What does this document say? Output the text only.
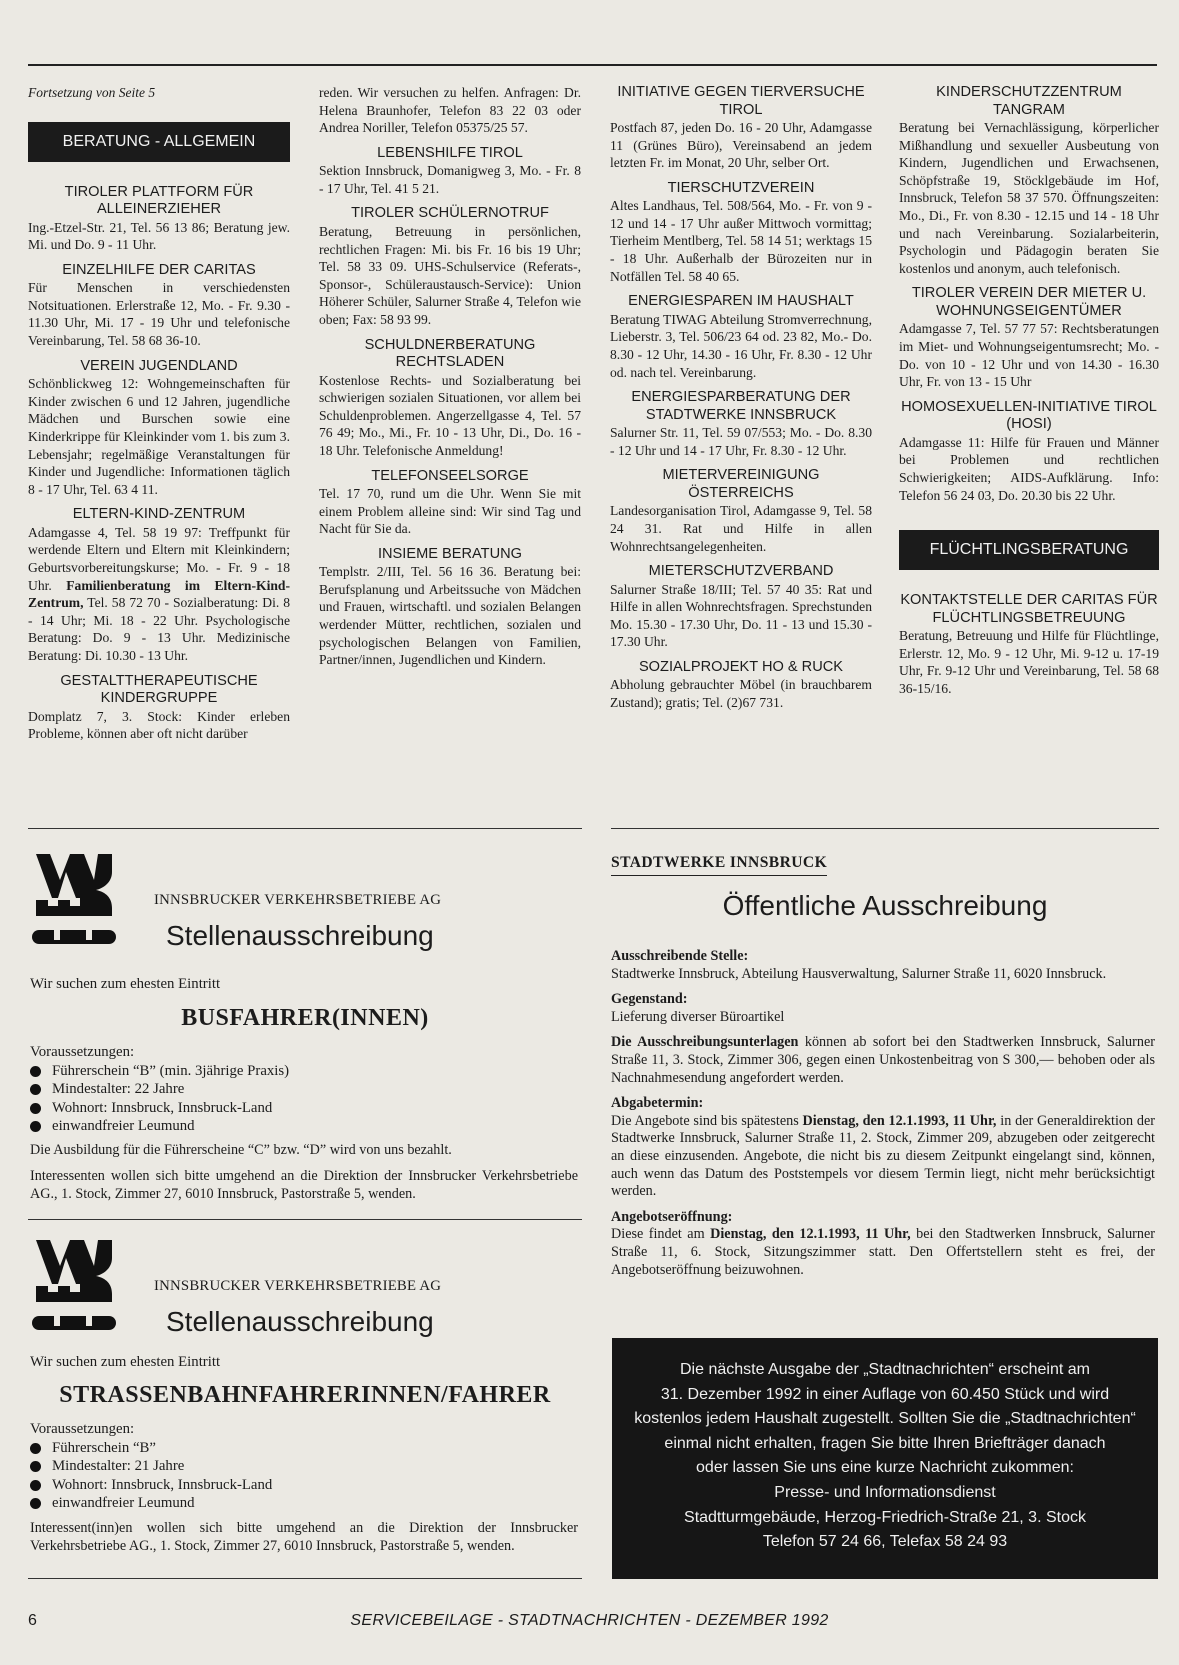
Fortsetzung von Seite 5
BERATUNG - ALLGEMEIN
TIROLER PLATTFORM FÜR ALLEINERZIEHER
Ing.-Etzel-Str. 21, Tel. 56 13 86; Beratung jew. Mi. und Do. 9 - 11 Uhr.
EINZELHILFE DER CARITAS
Für Menschen in verschiedensten Notsituationen. Erlerstraße 12, Mo. - Fr. 9.30 - 11.30 Uhr, Mi. 17 - 19 Uhr und telefonische Vereinbarung, Tel. 58 68 36-10.
VEREIN JUGENDLAND
Schönblickweg 12: Wohngemeinschaften für Kinder zwischen 6 und 12 Jahren, jugendliche Mädchen und Burschen sowie eine Kinderkrippe für Kleinkinder vom 1. bis zum 3. Lebensjahr; regelmäßige Veranstaltungen für Kinder und Jugendliche: Informationen täglich 8 - 17 Uhr, Tel. 63 4 11.
ELTERN-KIND-ZENTRUM
Adamgasse 4, Tel. 58 19 97: Treffpunkt für werdende Eltern und Eltern mit Kleinkindern; Geburtsvorbereitungskurse; Mo. - Fr. 9 - 18 Uhr. Familienberatung im Eltern-Kind-Zentrum, Tel. 58 72 70 - Sozialberatung: Di. 8 - 14 Uhr; Mi. 18 - 22 Uhr. Psychologische Beratung: Do. 9 - 13 Uhr. Medizinische Beratung: Di. 10.30 - 13 Uhr.
GESTALTTHERAPEUTISCHE KINDERGRUPPE
Domplatz 7, 3. Stock: Kinder erleben Probleme, können aber oft nicht darüber
reden. Wir versuchen zu helfen. Anfragen: Dr. Helena Braunhofer, Telefon 83 22 03 oder Andrea Noriller, Telefon 05375/25 57.
LEBENSHILFE TIROL
Sektion Innsbruck, Domanigweg 3, Mo. - Fr. 8 - 17 Uhr, Tel. 41 5 21.
TIROLER SCHÜLERNOTRUF
Beratung, Betreuung in persönlichen, rechtlichen Fragen: Mi. bis Fr. 16 bis 19 Uhr; Tel. 58 33 09. UHS-Schulservice (Referats-, Sponsor-, Schüleraustausch-Service): Union Höherer Schüler, Salurner Straße 4, Telefon wie oben; Fax: 58 93 99.
SCHULDNERBERATUNG RECHTSLADEN
Kostenlose Rechts- und Sozialberatung bei schwierigen sozialen Situationen, vor allem bei Schuldenproblemen. Angerzellgasse 4, Tel. 57 76 49; Mo., Mi., Fr. 10 - 13 Uhr, Di., Do. 16 - 18 Uhr. Telefonische Anmeldung!
TELEFONSEELSORGE
Tel. 17 70, rund um die Uhr. Wenn Sie mit einem Problem alleine sind: Wir sind Tag und Nacht für Sie da.
INSIEME BERATUNG
Templstr. 2/III, Tel. 56 16 36. Beratung bei: Berufsplanung und Arbeitssuche von Mädchen und Frauen, wirtschaftl. und sozialen Belangen werdender Mütter, rechtlichen, sozialen und psychologischen Belangen von Familien, Partner/innen, Jugendlichen und Kindern.
INITIATIVE GEGEN TIERVERSUCHE TIROL
Postfach 87, jeden Do. 16 - 20 Uhr, Adamgasse 11 (Grünes Büro), Vereinsabend an jedem letzten Fr. im Monat, 20 Uhr, selber Ort.
TIERSCHUTZVEREIN
Altes Landhaus, Tel. 508/564, Mo. - Fr. von 9 - 12 und 14 - 17 Uhr außer Mittwoch vormittag; Tierheim Mentlberg, Tel. 58 14 51; werktags 15 - 18 Uhr. Außerhalb der Bürozeiten nur in Notfällen Tel. 58 40 65.
ENERGIESPAREN IM HAUSHALT
Beratung TIWAG Abteilung Stromverrechnung, Lieberstr. 3, Tel. 506/23 64 od. 23 82, Mo.- Do. 8.30 - 12 Uhr, 14.30 - 16 Uhr, Fr. 8.30 - 12 Uhr od. nach tel. Vereinbarung.
ENERGIESPARBERATUNG DER STADTWERKE INNSBRUCK
Salurner Str. 11, Tel. 59 07/553; Mo. - Do. 8.30 - 12 Uhr und 14 - 17 Uhr, Fr. 8.30 - 12 Uhr.
MIETERVEREINIGUNG ÖSTERREICHS
Landesorganisation Tirol, Adamgasse 9, Tel. 58 24 31. Rat und Hilfe in allen Wohnrechtsangelegenheiten.
MIETERSCHUTZVERBAND
Salurner Straße 18/III; Tel. 57 40 35: Rat und Hilfe in allen Wohnrechtsfragen. Sprechstunden Mo. 15.30 - 17.30 Uhr, Do. 11 - 13 und 15.30 - 17.30 Uhr.
SOZIALPROJEKT HO & RUCK
Abholung gebrauchter Möbel (in brauchbarem Zustand); gratis; Tel. (2)67 731.
KINDERSCHUTZZENTRUM TANGRAM
Beratung bei Vernachlässigung, körperlicher Mißhandlung und sexueller Ausbeutung von Kindern, Jugendlichen und Erwachsenen, Schöpfstraße 19, Stöcklgebäude im Hof, Innsbruck, Telefon 58 37 570. Öffnungszeiten: Mo., Di., Fr. von 8.30 - 12.15 und 14 - 18 Uhr und nach Vereinbarung. Sozialarbeiterin, Psychologin und Pädagogin beraten Sie kostenlos und anonym, auch telefonisch.
TIROLER VEREIN DER MIETER U. WOHNUNGSEIGENTÜMER
Adamgasse 7, Tel. 57 77 57: Rechtsberatungen im Miet- und Wohnungseigentumsrecht; Mo. - Do. von 10 - 12 Uhr und von 14.30 - 16.30 Uhr, Fr. von 13 - 15 Uhr
HOMOSEXUELLEN-INITIATIVE TIROL (HOSI)
Adamgasse 11: Hilfe für Frauen und Männer bei Problemen und rechtlichen Schwierigkeiten; AIDS-Aufklärung. Info: Telefon 56 24 03, Do. 20.30 bis 22 Uhr.
FLÜCHTLINGSBERATUNG
KONTAKTSTELLE DER CARITAS FÜR FLÜCHTLINGSBETREUUNG
Beratung, Betreuung und Hilfe für Flüchtlinge, Erlerstr. 12, Mo. 9 - 12 Uhr, Mi. 9-12 u. 17-19 Uhr, Fr. 9-12 Uhr und Vereinbarung, Tel. 58 68 36-15/16.
INNSBRUCKER VERKEHRSBETRIEBE AG
Stellenausschreibung
Wir suchen zum ehesten Eintritt
BUSFAHRER(INNEN)
Voraussetzungen:
Führerschein “B” (min. 3jährige Praxis)
Mindestalter: 22 Jahre
Wohnort: Innsbruck, Innsbruck-Land
einwandfreier Leumund
Die Ausbildung für die Führerscheine “C” bzw. “D” wird von uns bezahlt.
Interessenten wollen sich bitte umgehend an die Direktion der Innsbrucker Verkehrsbetriebe AG., 1. Stock, Zimmer 27, 6010 Innsbruck, Pastorstraße 5, wenden.
INNSBRUCKER VERKEHRSBETRIEBE AG
Stellenausschreibung
Wir suchen zum ehesten Eintritt
STRASSENBAHNFAHRERINNEN/FAHRER
Voraussetzungen:
Führerschein “B”
Mindestalter: 21 Jahre
Wohnort: Innsbruck, Innsbruck-Land
einwandfreier Leumund
Interessent(inn)en wollen sich bitte umgehend an die Direktion der Innsbrucker Verkehrsbetriebe AG., 1. Stock, Zimmer 27, 6010 Innsbruck, Pastorstraße 5, wenden.
STADTWERKE INNSBRUCK
Öffentliche Ausschreibung
Ausschreibende Stelle:
Stadtwerke Innsbruck, Abteilung Hausverwaltung, Salurner Straße 11, 6020 Innsbruck.
Gegenstand:
Lieferung diverser Büroartikel
Die Ausschreibungsunterlagen können ab sofort bei den Stadtwerken Innsbruck, Salurner Straße 11, 3. Stock, Zimmer 306, gegen einen Unkostenbeitrag von S 300,— behoben oder als Nachnahmesendung angefordert werden.
Abgabetermin:
Die Angebote sind bis spätestens Dienstag, den 12.1.1993, 11 Uhr, in der Generaldirektion der Stadtwerke Innsbruck, Salurner Straße 11, 2. Stock, Zimmer 209, abzugeben oder zeitgerecht an diese einzusenden. Angebote, die nicht bis zu diesem Zeitpunkt eingelangt sind, können, auch wenn das Datum des Poststempels vor diesem Termin liegt, nicht mehr berücksichtigt werden.
Angebotseröffnung:
Diese findet am Dienstag, den 12.1.1993, 11 Uhr, bei den Stadtwerken Innsbruck, Salurner Straße 11, 6. Stock, Sitzungszimmer statt. Den Offertstellern steht es frei, der Angebotseröffnung beizuwohnen.
Die nächste Ausgabe der „Stadtnachrichten“ erscheint am
31. Dezember 1992 in einer Auflage von 60.450 Stück und wird
kostenlos jedem Haushalt zugestellt. Sollten Sie die „Stadtnachrichten“
einmal nicht erhalten, fragen Sie bitte Ihren Briefträger danach
oder lassen Sie uns eine kurze Nachricht zukommen:
Presse- und Informationsdienst
Stadtturmgebäude, Herzog-Friedrich-Straße 21, 3. Stock
Telefon 57 24 66, Telefax 58 24 93
6	SERVICEBEILAGE - STADTNACHRICHTEN - DEZEMBER 1992
